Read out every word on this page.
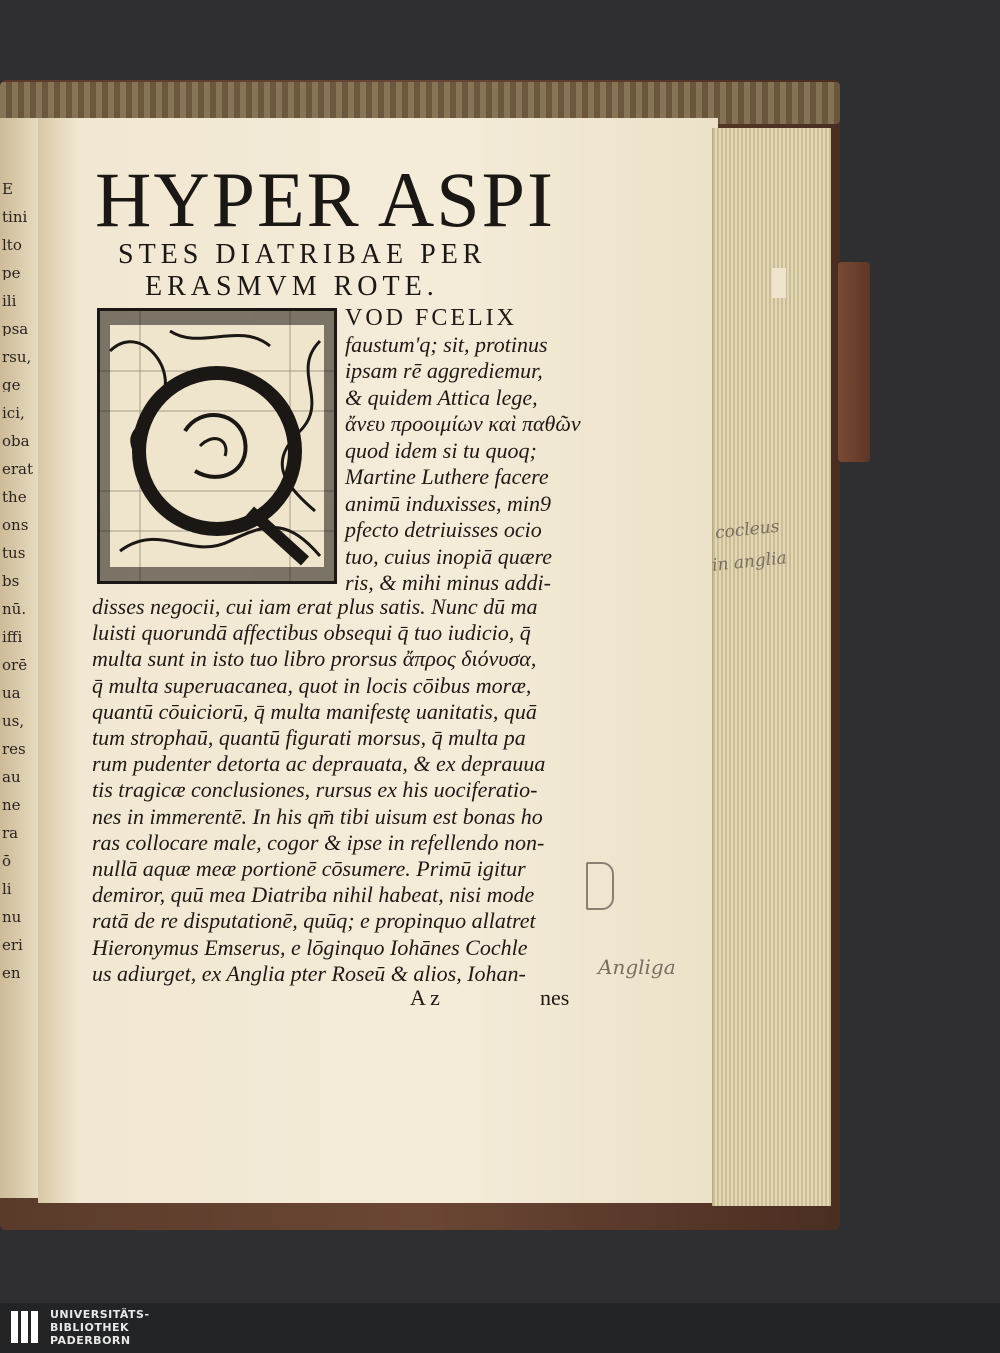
E
tini
lto
pe
ili
psa
rsu,
ge
ici,
oba
erat
the
ons
tus
bs
nū.
iffi
orē
ua
us,
res
au
ne
ra
ō
li
nu
eri
en
HYPER ASPI
STES DIATRIBAE PER
ERASMVM ROTE.
VOD FCELIX
faustum'q; sit, protinus
ipsam rē aggrediemur,
& quidem Attica lege,
ἄνευ προοιμίων καὶ παθῶν
quod idem si tu quoq;
Martine Luthere facere
animū induxisses, min9
pfecto detriuisses ocio
tuo, cuius inopiā quære
ris, & mihi minus addi-
disses negocii, cui iam erat plus satis. Nunc dū ma
luisti quorundā affectibus obsequi q̄ tuo iudicio, q̄
multa sunt in isto tuo libro prorsus ἄπρος διόνυσα,
q̄ multa superuacanea, quot in locis cōibus moræ,
quantū cōuiciorū, q̄ multa manifestę uanitatis, quā
tum strophaū, quantū figurati morsus, q̄ multa pa
rum pudenter detorta ac deprauata, & ex deprauua
tis tragicæ conclusiones, rursus ex his uociferatio-
nes in immerentē. In his qm̄ tibi uisum est bonas ho
ras collocare male, cogor & ipse in refellendo non-
nullā aquæ meæ portionē cōsumere. Primū igitur
demiror, quū mea Diatriba nihil habeat, nisi mode
ratā de re disputationē, quūq; e propinquo allatret
Hieronymus Emserus, e lōginquo Iohānes Cochle
us adiurget, ex Anglia pter Roseū & alios, Iohan-
A z	nes
Angliga
cocleus
in anglia
UNIVERSITÄTS-
BIBLIOTHEK
PADERBORN
